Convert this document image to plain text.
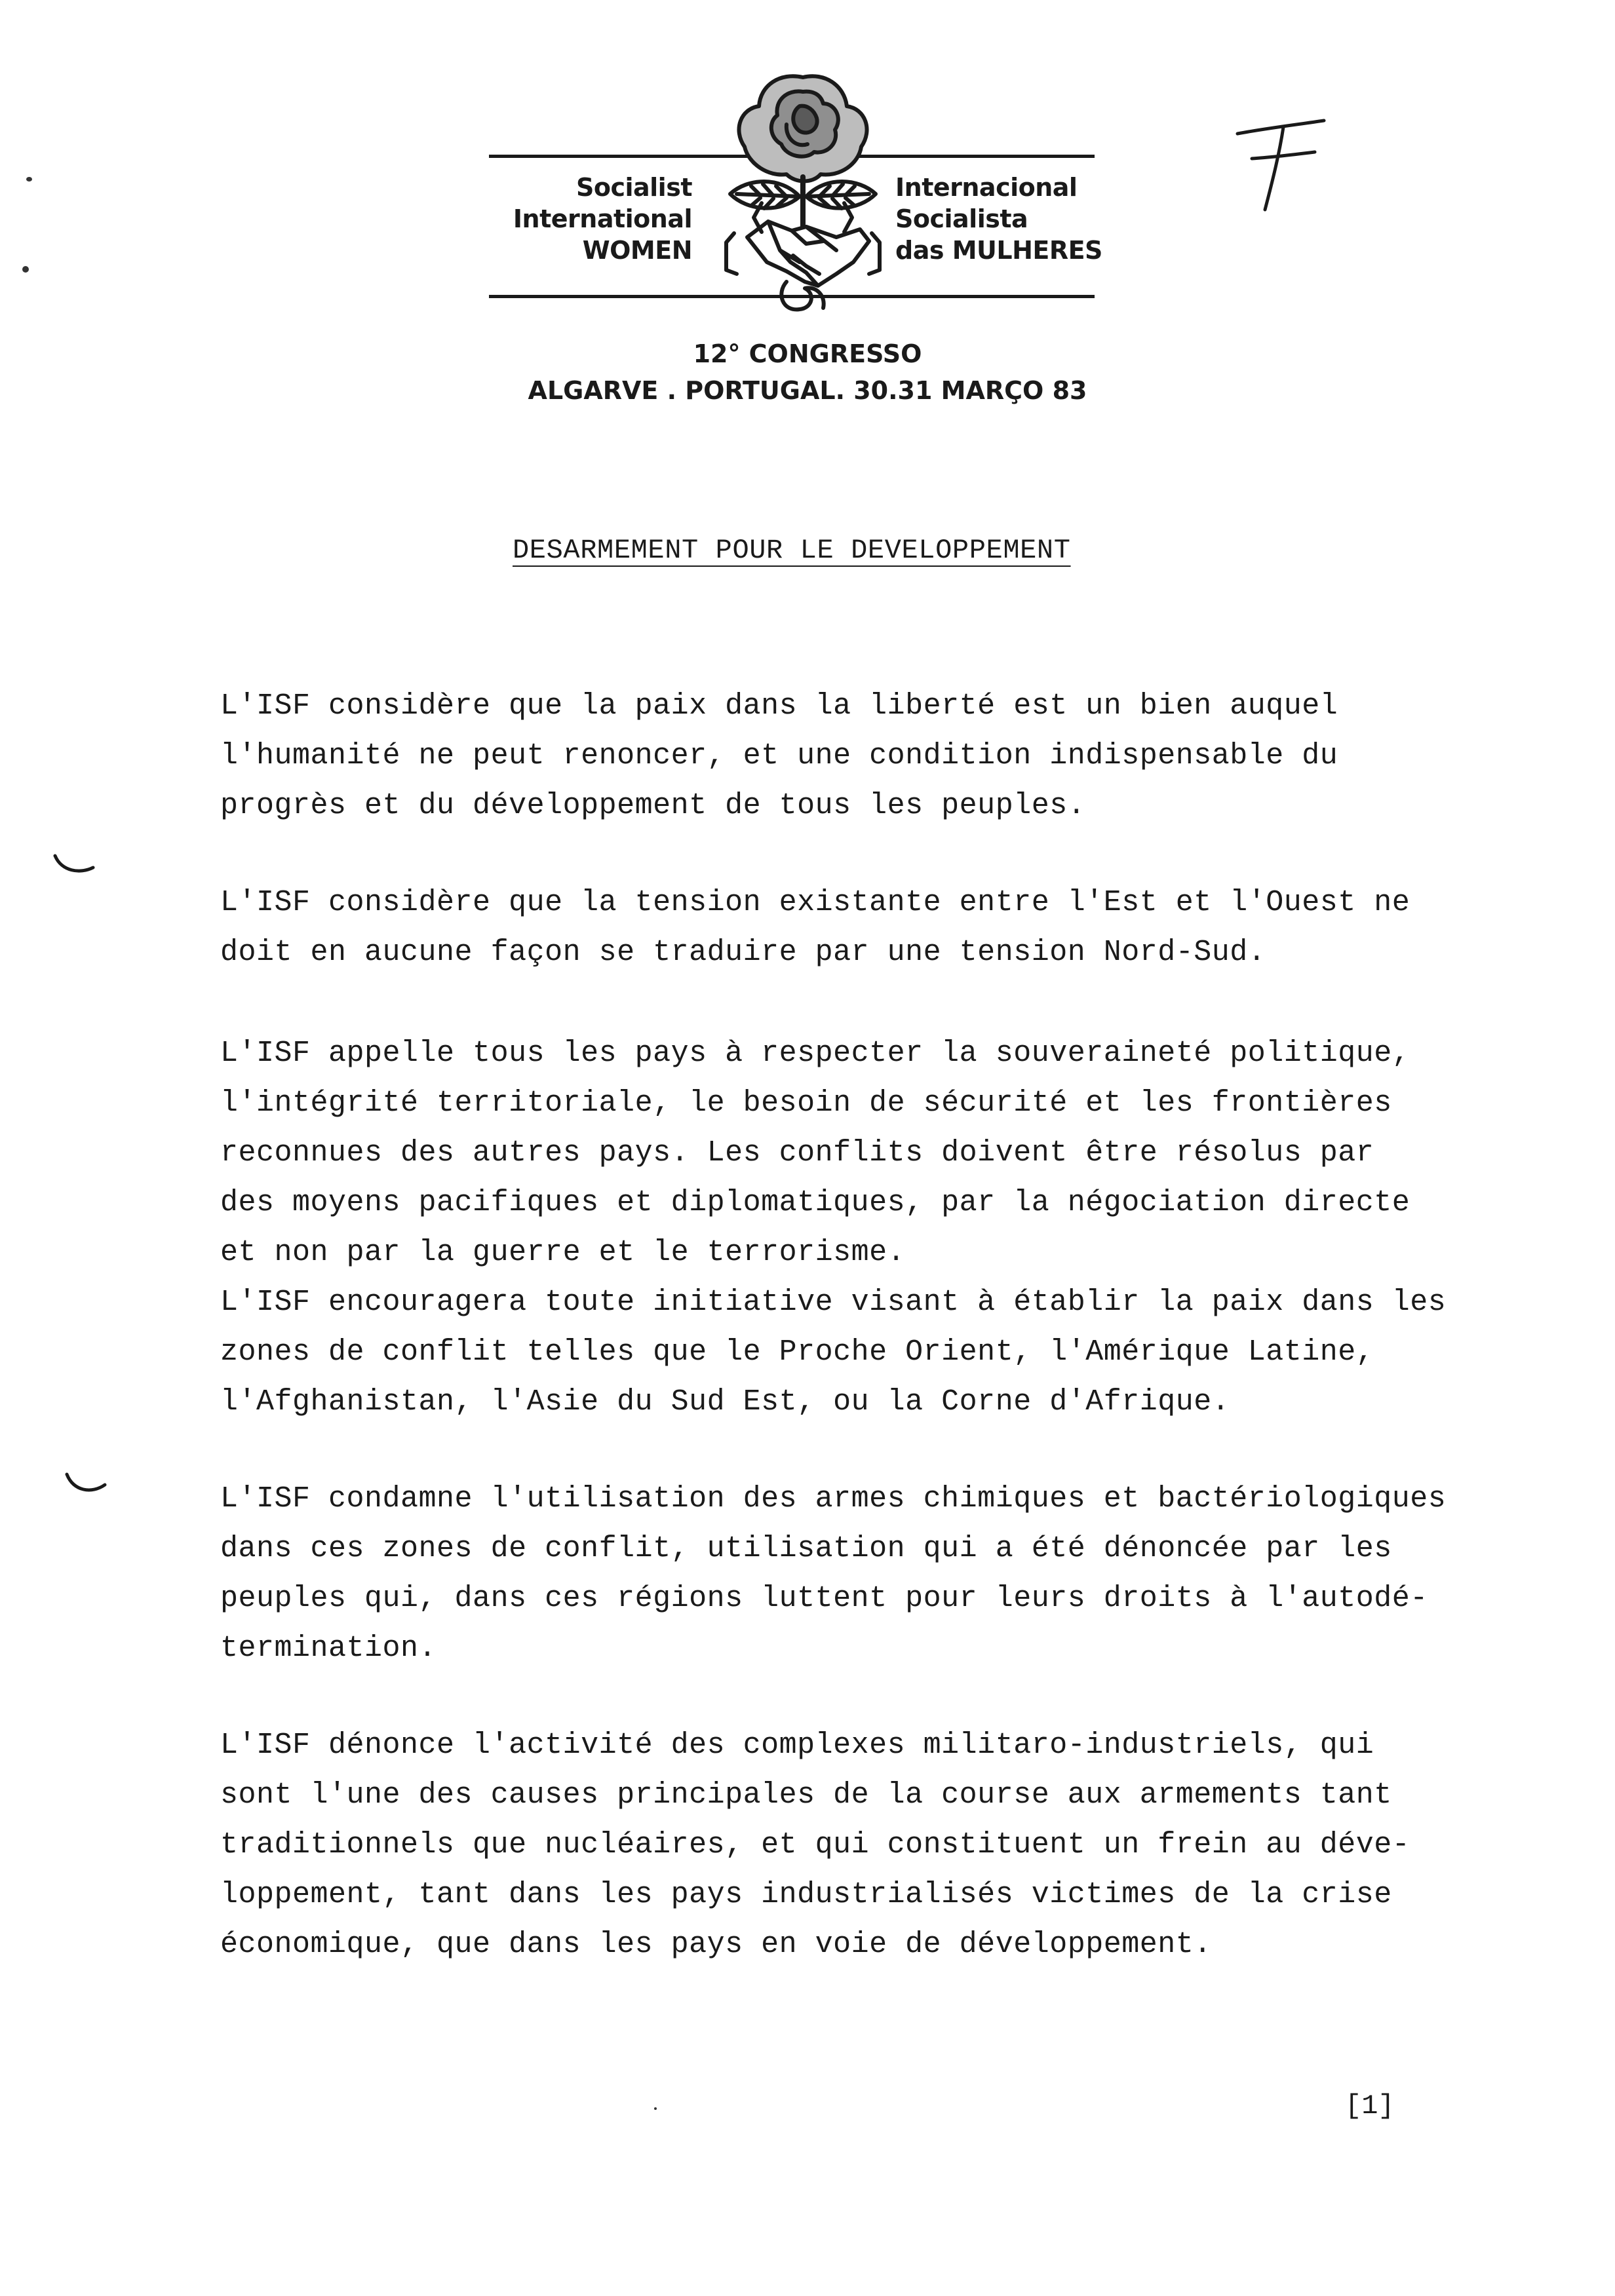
Socialist
International
WOMEN
Internacional
Socialista
das MULHERES
12° CONGRESSO
ALGARVE . PORTUGAL. 30.31 MARÇO 83
DESARMEMENT POUR LE DEVELOPPEMENT
L'ISF considère que la paix dans la liberté est un bien auquel
l'humanité ne peut renoncer, et une condition indispensable du
progrès et du développement de tous les peuples.
L'ISF considère que la tension existante entre l'Est et l'Ouest ne
doit en aucune façon se traduire par une tension Nord-Sud.
L'ISF appelle tous les pays à respecter la souveraineté politique,
l'intégrité territoriale, le besoin de sécurité et les frontières
reconnues des autres pays. Les conflits doivent être résolus par
des moyens pacifiques et diplomatiques, par la négociation directe
et non par la guerre et le terrorisme.
L'ISF encouragera toute initiative visant à établir la paix dans les
zones de conflit telles que le Proche Orient, l'Amérique Latine,
l'Afghanistan, l'Asie du Sud Est, ou la Corne d'Afrique.
L'ISF condamne l'utilisation des armes chimiques et bactériologiques
dans ces zones de conflit, utilisation qui a été dénoncée par les
peuples qui, dans ces régions luttent pour leurs droits à l'autodé-
termination.
L'ISF dénonce l'activité des complexes militaro-industriels, qui
sont l'une des causes principales de la course aux armements tant
traditionnels que nucléaires, et qui constituent un frein au déve-
loppement, tant dans les pays industrialisés victimes de la crise
économique, que dans les pays en voie de développement.
[1]
